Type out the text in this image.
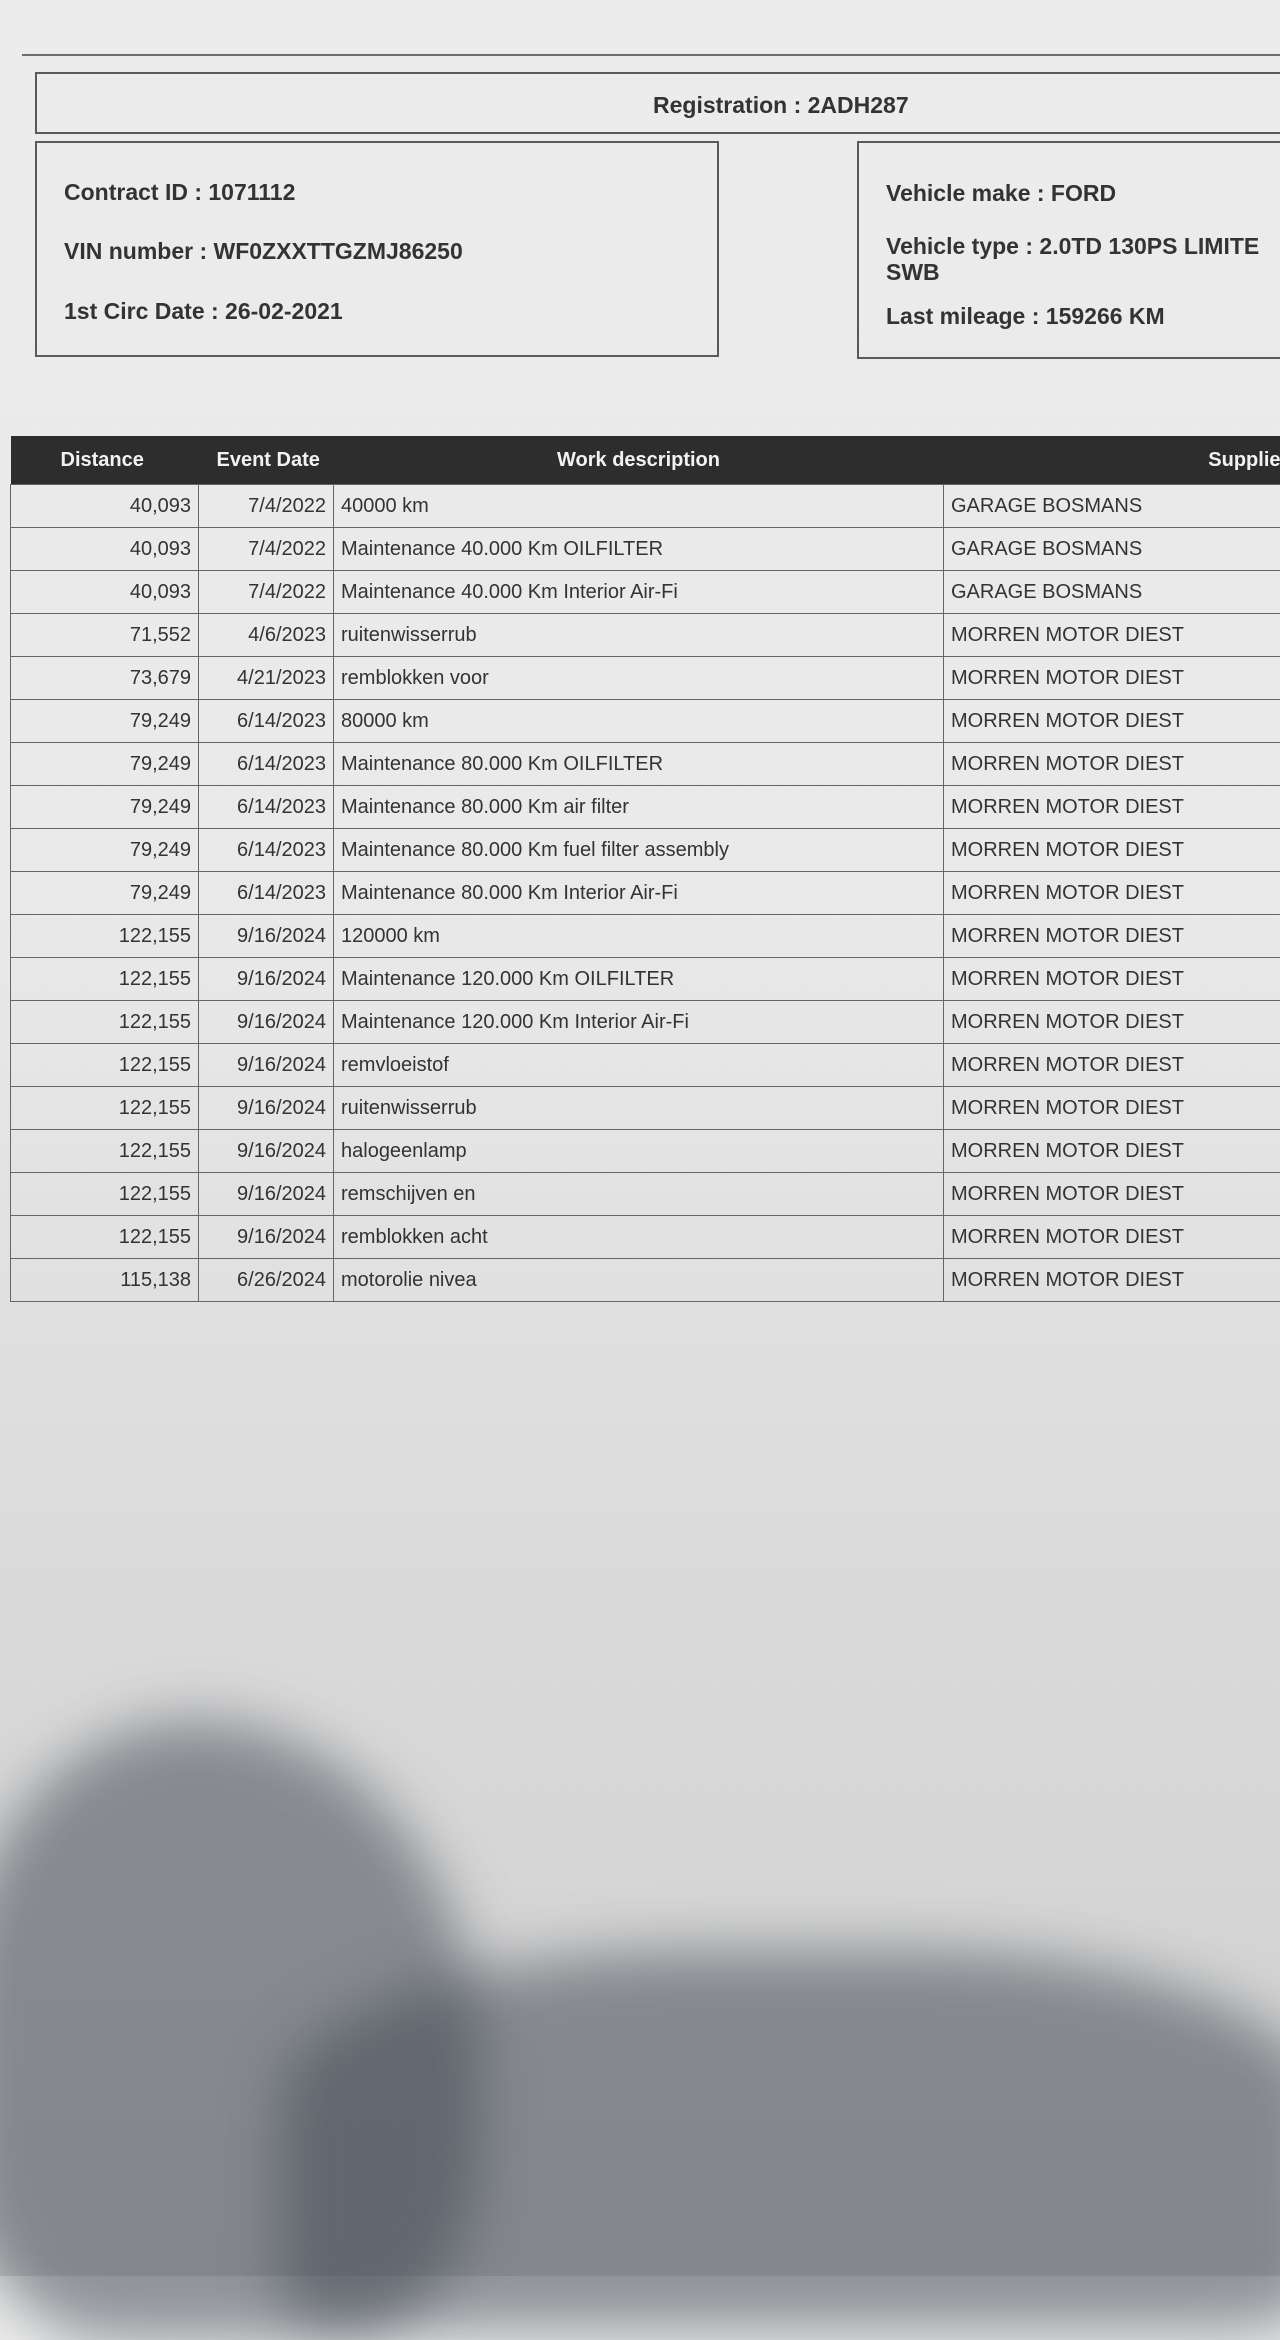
Registration : 2ADH287
Contract ID : 1071112
VIN number : WF0ZXXTTGZMJ86250
1st Circ Date : 26-02-2021
Vehicle make : FORD
Vehicle type : 2.0TD 130PS LIMITE
SWB
Last mileage : 159266 KM
Distance	Event Date	Work description	Supplie
40,093	7/4/2022	40000 km	GARAGE BOSMANS
40,093	7/4/2022	Maintenance 40.000 Km OILFILTER	GARAGE BOSMANS
40,093	7/4/2022	Maintenance 40.000 Km Interior Air-Fi	GARAGE BOSMANS
71,552	4/6/2023	ruitenwisserrub	MORREN MOTOR DIEST
73,679	4/21/2023	remblokken voor	MORREN MOTOR DIEST
79,249	6/14/2023	80000 km	MORREN MOTOR DIEST
79,249	6/14/2023	Maintenance 80.000 Km OILFILTER	MORREN MOTOR DIEST
79,249	6/14/2023	Maintenance 80.000 Km air filter	MORREN MOTOR DIEST
79,249	6/14/2023	Maintenance 80.000 Km fuel filter assembly	MORREN MOTOR DIEST
79,249	6/14/2023	Maintenance 80.000 Km Interior Air-Fi	MORREN MOTOR DIEST
122,155	9/16/2024	120000 km	MORREN MOTOR DIEST
122,155	9/16/2024	Maintenance 120.000 Km OILFILTER	MORREN MOTOR DIEST
122,155	9/16/2024	Maintenance 120.000 Km Interior Air-Fi	MORREN MOTOR DIEST
122,155	9/16/2024	remvloeistof	MORREN MOTOR DIEST
122,155	9/16/2024	ruitenwisserrub	MORREN MOTOR DIEST
122,155	9/16/2024	halogeenlamp	MORREN MOTOR DIEST
122,155	9/16/2024	remschijven en	MORREN MOTOR DIEST
122,155	9/16/2024	remblokken acht	MORREN MOTOR DIEST
115,138	6/26/2024	motorolie nivea	MORREN MOTOR DIEST
